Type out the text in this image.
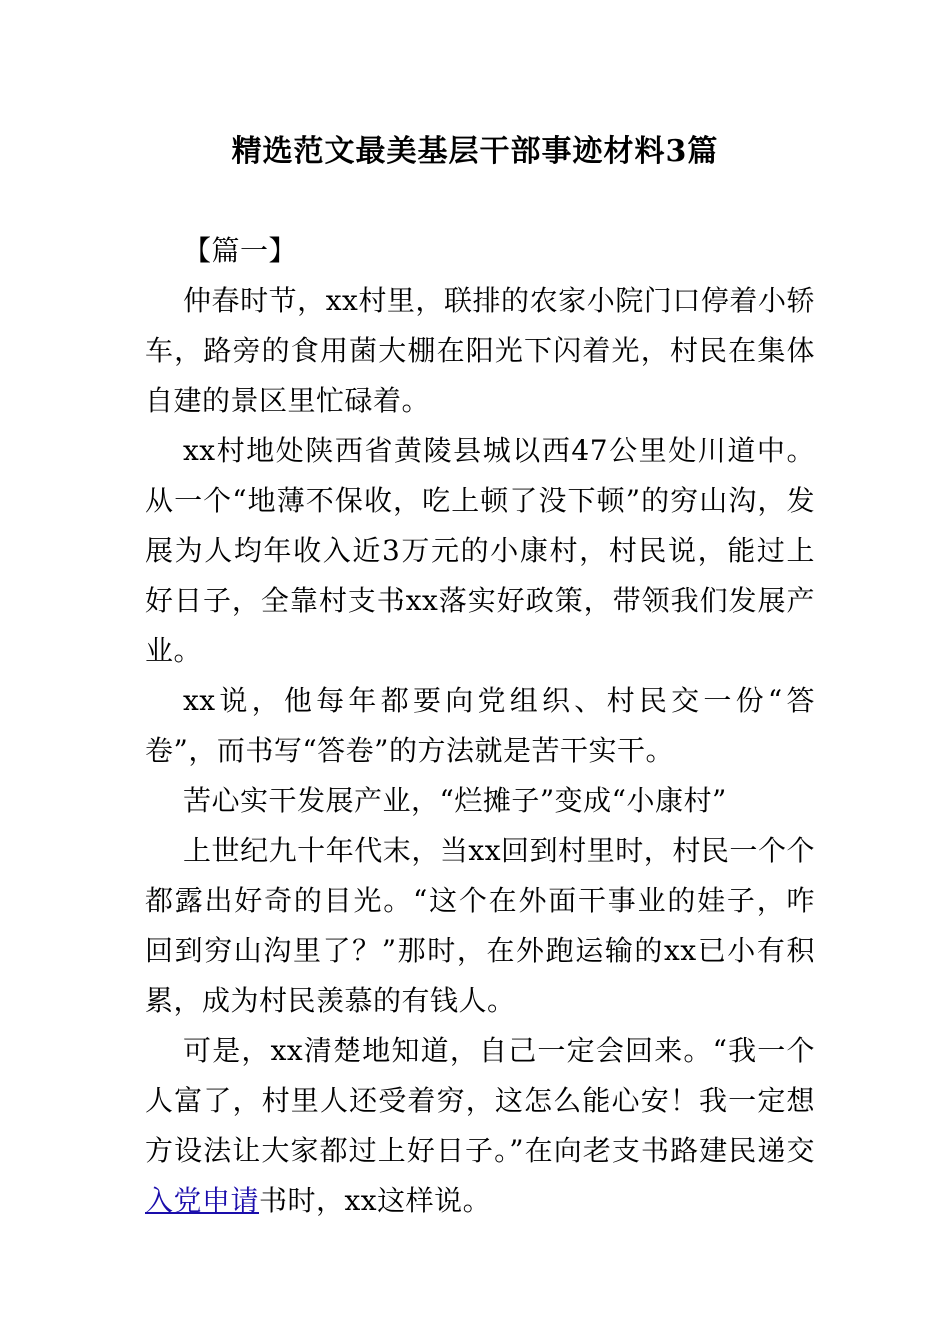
精选范文最美基层干部事迹材料3篇

【篇一】

仲春时节，xx村里，联排的农家小院门口停着小轿车，路旁的食用菌大棚在阳光下闪着光，村民在集体自建的景区里忙碌着。

xx村地处陕西省黄陵县城以西47公里处川道中。从一个“地薄不保收，吃上顿了没下顿”的穷山沟，发展为人均年收入近3万元的小康村，村民说，能过上好日子，全靠村支书xx落实好政策，带领我们发展产业。

xx说，他每年都要向党组织、村民交一份“答卷”，而书写“答卷”的方法就是苦干实干。

苦心实干发展产业，“烂摊子”变成“小康村”

上世纪九十年代末，当xx回到村里时，村民一个个都露出好奇的目光。“这个在外面干事业的娃子，咋回到穷山沟里了？”那时，在外跑运输的xx已小有积累，成为村民羡慕的有钱人。

可是，xx清楚地知道，自己一定会回来。“我一个人富了，村里人还受着穷，这怎么能心安！我一定想方设法让大家都过上好日子。”在向老支书路建民递交入党申请书时，xx这样说。
